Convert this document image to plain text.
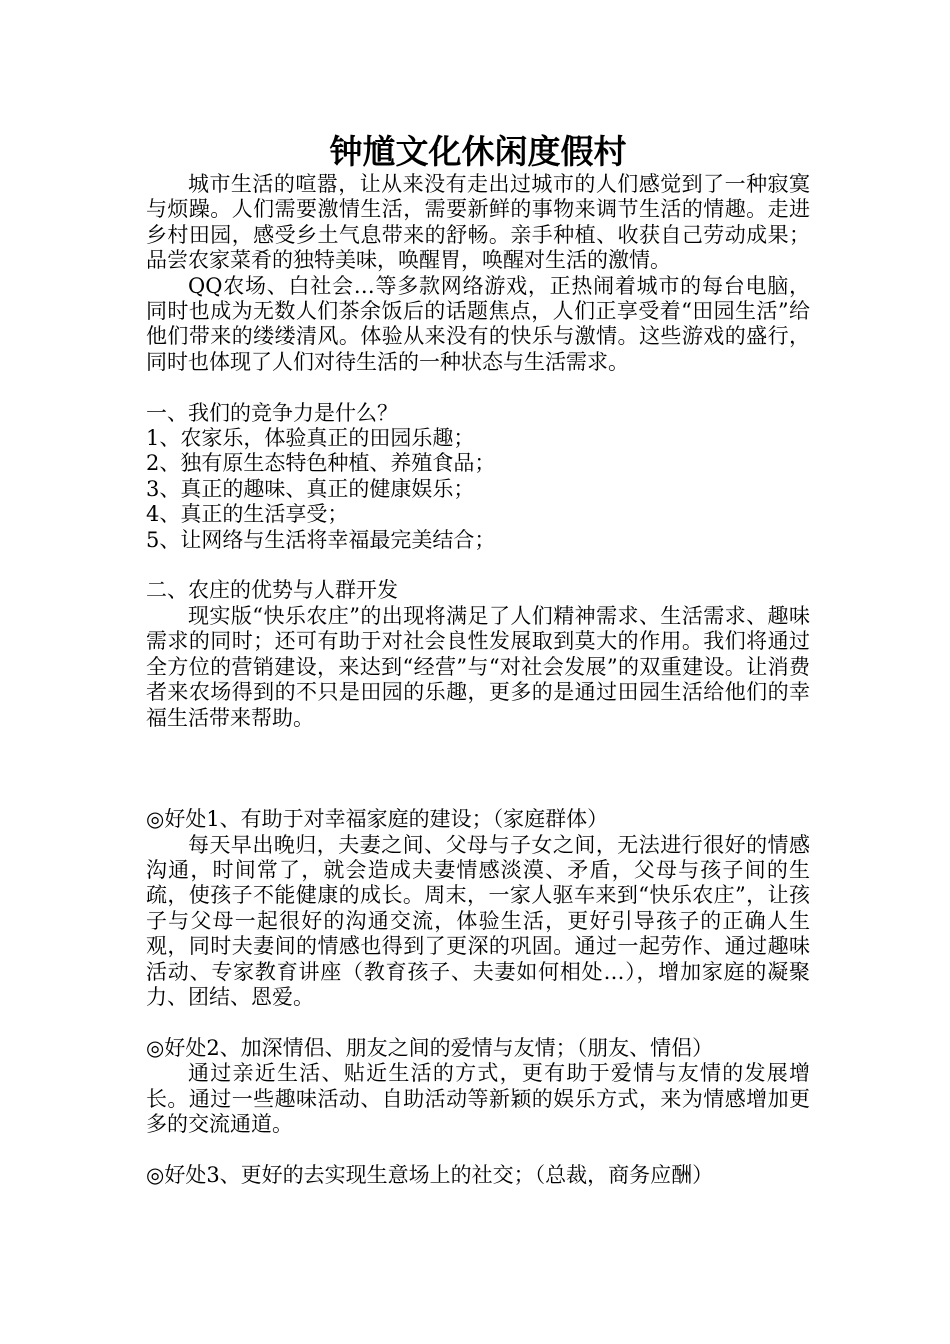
钟馗文化休闲度假村

城市生活的喧嚣，让从来没有走出过城市的人们感觉到了一种寂寞与烦躁。人们需要激情生活，需要新鲜的事物来调节生活的情趣。走进乡村田园，感受乡土气息带来的舒畅。亲手种植、收获自己劳动成果；品尝农家菜肴的独特美味，唤醒胃，唤醒对生活的激情。

QQ农场、白社会…等多款网络游戏，正热闹着城市的每台电脑，同时也成为无数人们茶余饭后的话题焦点，人们正享受着“田园生活”给他们带来的缕缕清风。体验从来没有的快乐与激情。这些游戏的盛行，同时也体现了人们对待生活的一种状态与生活需求。

一、我们的竞争力是什么？

1、农家乐，体验真正的田园乐趣；

2、独有原生态特色种植、养殖食品；

3、真正的趣味、真正的健康娱乐；

4、真正的生活享受；

5、让网络与生活将幸福最完美结合；

二、农庄的优势与人群开发

现实版“快乐农庄”的出现将满足了人们精神需求、生活需求、趣味需求的同时；还可有助于对社会良性发展取到莫大的作用。我们将通过全方位的营销建设，来达到“经营”与“对社会发展”的双重建设。让消费者来农场得到的不只是田园的乐趣，更多的是通过田园生活给他们的幸福生活带来帮助。

◎好处1、有助于对幸福家庭的建设；（家庭群体）

每天早出晚归，夫妻之间、父母与子女之间，无法进行很好的情感沟通，时间常了，就会造成夫妻情感淡漠、矛盾，父母与孩子间的生疏，使孩子不能健康的成长。周末，一家人驱车来到“快乐农庄”，让孩子与父母一起很好的沟通交流，体验生活，更好引导孩子的正确人生观，同时夫妻间的情感也得到了更深的巩固。通过一起劳作、通过趣味活动、专家教育讲座（教育孩子、夫妻如何相处…），增加家庭的凝聚力、团结、恩爱。

◎好处2、加深情侣、朋友之间的爱情与友情；（朋友、情侣）

通过亲近生活、贴近生活的方式，更有助于爱情与友情的发展增长。通过一些趣味活动、自助活动等新颖的娱乐方式，来为情感增加更多的交流通道。

◎好处3、更好的去实现生意场上的社交；（总裁，商务应酬）
